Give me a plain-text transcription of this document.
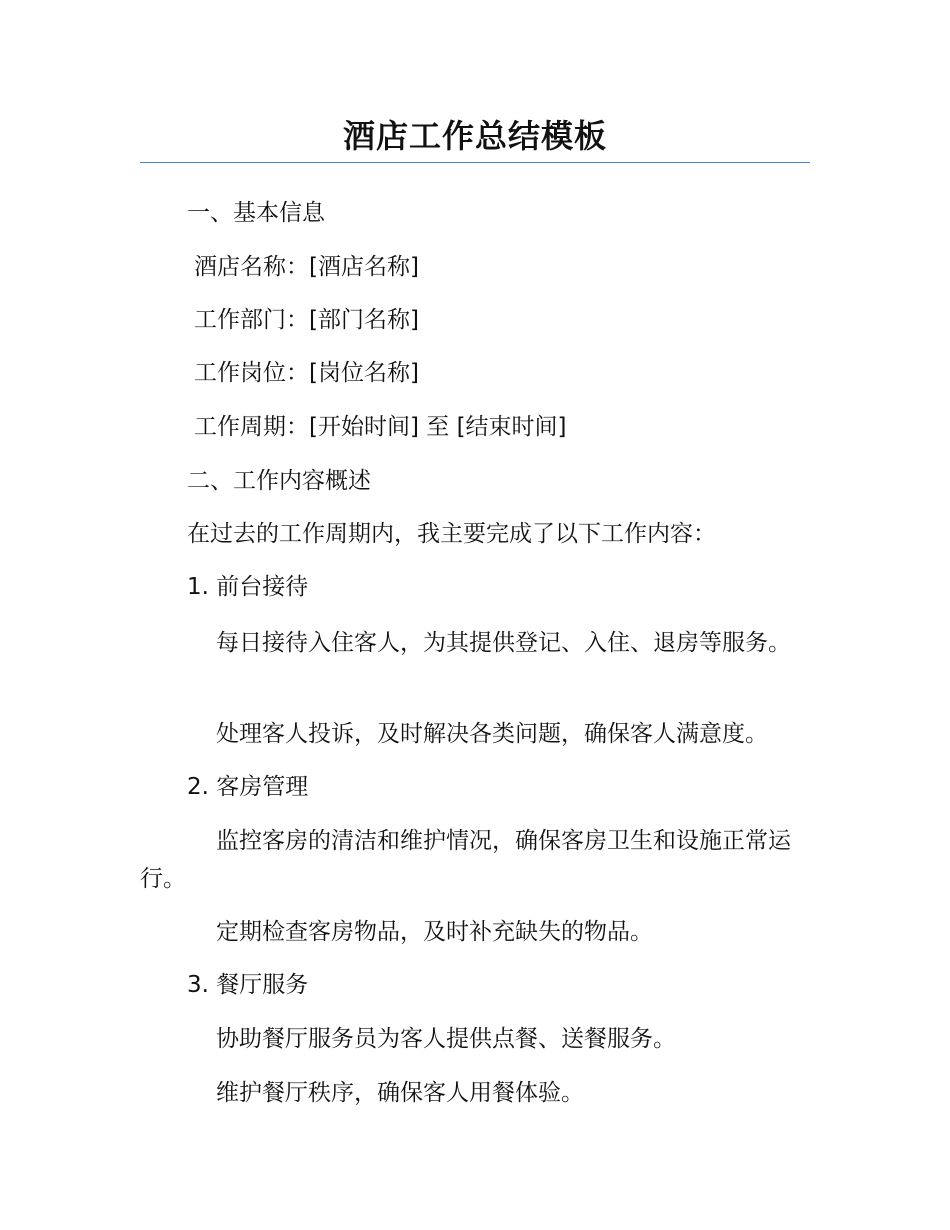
酒店工作总结模板
一、基本信息
酒店名称：[酒店名称]
工作部门：[部门名称]
工作岗位：[岗位名称]
工作周期：[开始时间] 至 [结束时间]
二、工作内容概述
在过去的工作周期内，我主要完成了以下工作内容：
1. 前台接待
每日接待入住客人，为其提供登记、入住、退房等服务。
处理客人投诉，及时解决各类问题，确保客人满意度。
2. 客房管理
监控客房的清洁和维护情况，确保客房卫生和设施正常运行。
定期检查客房物品，及时补充缺失的物品。
3. 餐厅服务
协助餐厅服务员为客人提供点餐、送餐服务。
维护餐厅秩序，确保客人用餐体验。
